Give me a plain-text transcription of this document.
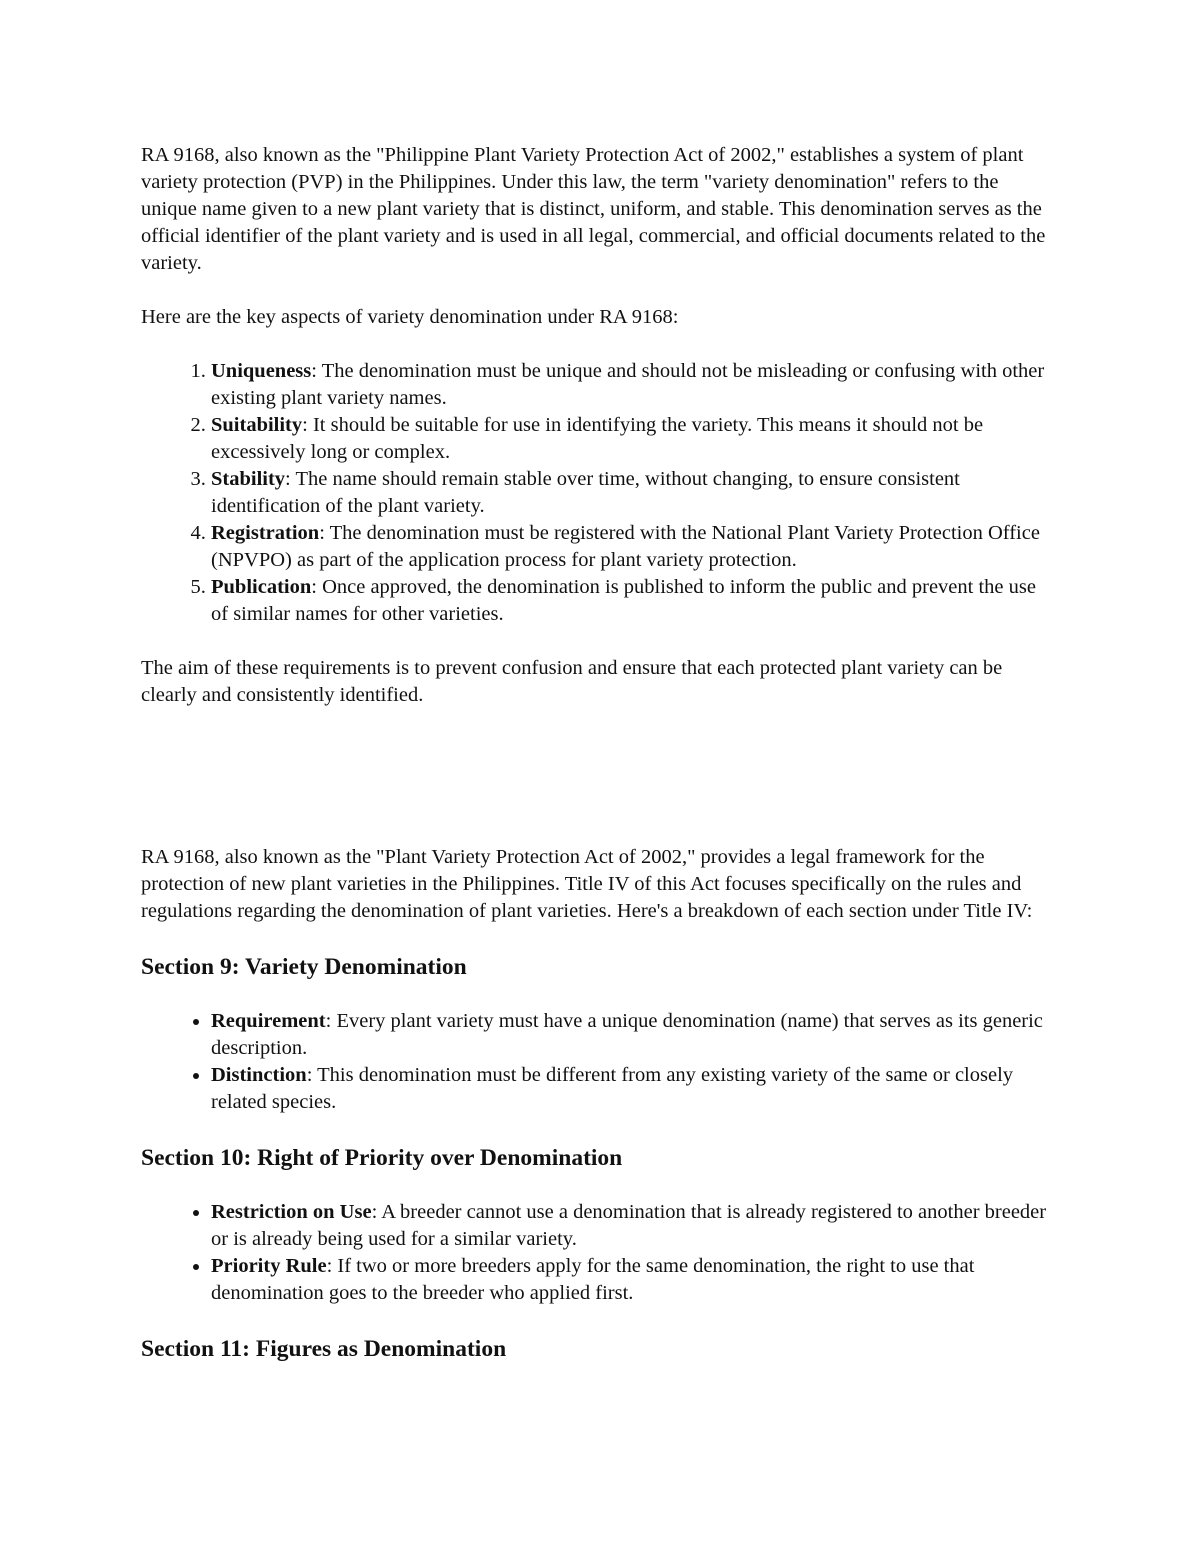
RA 9168, also known as the "Philippine Plant Variety Protection Act of 2002," establishes a system of plant variety protection (PVP) in the Philippines. Under this law, the term "variety denomination" refers to the unique name given to a new plant variety that is distinct, uniform, and stable. This denomination serves as the official identifier of the plant variety and is used in all legal, commercial, and official documents related to the variety.

Here are the key aspects of variety denomination under RA 9168:

1. Uniqueness: The denomination must be unique and should not be misleading or confusing with other existing plant variety names.
2. Suitability: It should be suitable for use in identifying the variety. This means it should not be excessively long or complex.
3. Stability: The name should remain stable over time, without changing, to ensure consistent identification of the plant variety.
4. Registration: The denomination must be registered with the National Plant Variety Protection Office (NPVPO) as part of the application process for plant variety protection.
5. Publication: Once approved, the denomination is published to inform the public and prevent the use of similar names for other varieties.

The aim of these requirements is to prevent confusion and ensure that each protected plant variety can be clearly and consistently identified.

RA 9168, also known as the "Plant Variety Protection Act of 2002," provides a legal framework for the protection of new plant varieties in the Philippines. Title IV of this Act focuses specifically on the rules and regulations regarding the denomination of plant varieties. Here's a breakdown of each section under Title IV:

Section 9: Variety Denomination
• Requirement: Every plant variety must have a unique denomination (name) that serves as its generic description.
• Distinction: This denomination must be different from any existing variety of the same or closely related species.
Section 10: Right of Priority over Denomination
• Restriction on Use: A breeder cannot use a denomination that is already registered to another breeder or is already being used for a similar variety.
• Priority Rule: If two or more breeders apply for the same denomination, the right to use that denomination goes to the breeder who applied first.
Section 11: Figures as Denomination
